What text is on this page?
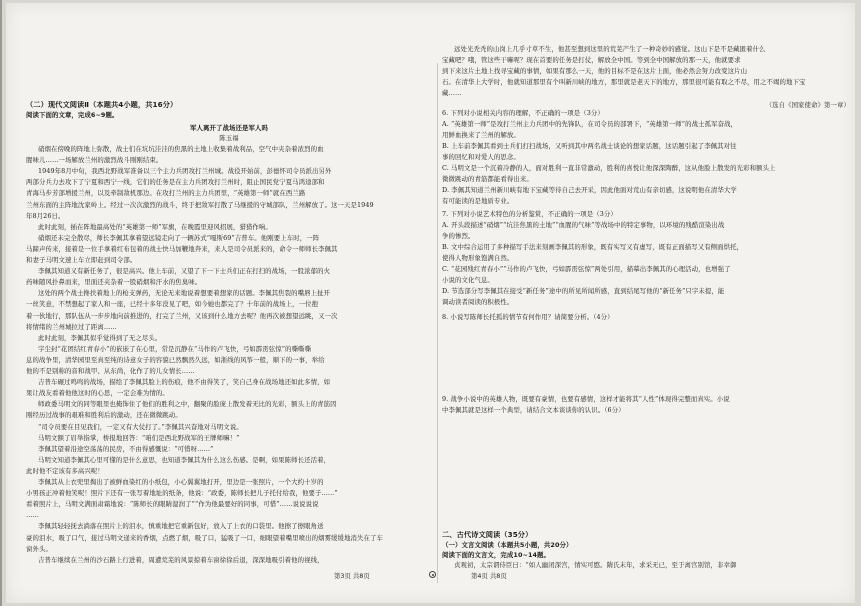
（二）现代文阅读Ⅱ（本题共4小题，共16分）
阅读下面的文章，完成6~9题。
军人离开了战场还是军人吗
陈玉福
硝烟在傍晚的阵地上弥散，战士们在坑坑洼洼的焦黑的土地上收集着战利品，空气中夹杂着浓烈的血
腥味儿……一场解放兰州的激烈战斗刚刚结束。
1949年8月中旬，我西北野战军准备以三个主力兵团攻打兰州城。战役开始前，彭德怀司令员派出另外
两部分兵力去攻下了宁夏和西宁一线，它们的任务是在主力兵团攻打兰州时，阻止国民党宁夏马鸿逵部和
青海马步芳部增援兰州，以及牵制敌机那边。在攻打兰州的主力兵团里，“英雄第一师”就在西兰路
兰州东面的主阵地沈家岭上。经过一次次激烈的战斗，终于把敌军打散了马继援的守城部队，兰州解放了。这一天是1949
年8月26日。
此时此刻，插在阵地最高处的“英雄第一师”军旗，在晚霞里迎风招展，猎猎作响。
硝烟还未完全散尽，师长李佩其拿着望远镜走向了一辆苏式“嘎斯69”吉普车。他刚要上车时，一阵
马蹄声传来，接着是一位手拿着红布包着的战士快马加鞭地奔来，来人是司令员派来的，命令一师师长李佩其
和妻子马明文速上车立即赶到司令部。
李佩其知道又有新任务了，很是高兴。他上车前，又望了下一下士兵们正在打扫的战场，一股浓郁的火
药味随风扑鼻而来，里面还夹杂着一股硝烟和汗水的焦臭味。
这处的两个战士搀扶着地上的枪支弹药，无论无来地说着想要着想家的话题。李佩其焦裂的嘴唇上扯开
一丝笑意，不禁想起了家人和一座，已经十多年没见了吧，如今她也都完了？十年前的战场上，一位抱
着一伙地行，那队伍从一步步地向前推进的，打完了兰州，又该到什么地方去呢？他再次被想望远眺，又一次
将情绪的兰州城拉过了距离……
此时此刻，李佩其似乎觉得到了无之尽头。
字尘封“花团结红青春小”的嵌嵌了在心里，常是沉静在“马作的卢飞快，弓如霹雳弦惊”的嘶嘶嘶
息的战争里，清华园里至真至纯的诗意女子的容貌已然飘然久远，如浙线的风筝一般，顺下的一事，举给
他的不是别称的音和战甲、从东尚，化作了的儿女情长……
吉普车碾过鸣鸣的战场，描绘了李佩其脸上的伤痕，他不由得笑了，笑自己身在战场地还如此多情，如
果让战友看着他他这时的心思，一定会难为情的。
师政委马明文的同等眼里也掩饰住了他们的胜利之中，翻聚的脸庞上散发着无比的光彩，额头上的青筋因
刚经历过战事的艰难和胜利后的激动，还在微微跳动。
“司令员要在目见我们，一定又有大仗打了。”李佩其兴奋地对马明文说。
马明文额了眉举指掌，桥报地回答：“咱们是西北野战军的王牌师嘛！”
李佩其望着沿途空荡荡的民房，不由得感慨说：“可惜呀……”
马明文知道李佩其心里可懂的是什么意思，也知道李佩其为什么这么伤感。是啊，如果陈师长还活着，
此时他不定该有多高兴呢！
李佩其从上衣兜里掏出了被鲜血染红的小纸包，小心翼翼地打开，里边是一张照片，一个大约十岁的
小男孩正冲着他笑呢！照片下还有一张写着地址的纸条，他说：“政委，陈师长把儿子托付给我，他要子……”
看着照片上，马明文满面肃霜地说：“陈师长的眼睛湿润了”“作为他最要好的同事，可惜”……说说说说
……
李佩其轻轻抚去淌落在照片上的泪水，慎重地把它重新包好，放入了上衣的口袋里。他擦了擦眼角送
豪的泪水，吸了口气，接过马明文递来的香烟，点燃了烟，吸了口，猛吸了一口，细眼望着嘴里喷出的烟雾缓缓地消失在了车
窗外头。
吉普车继续在兰州的沙石路上行进着，周遭荒芜的风景掠着车窗徐徐后退，深深地吸引着他的视线，
第3页 共8页
远处光秃秃的山岗上几乎寸草不生，他甚至想到这里的荒芜产生了一种奇妙的感觉。这山下是不是藏匿着什么
宝藏吧？哦，管这些干嘛呢？现在首要的任务是打仗，解放全中国。等到全中国解放的那一天，他就要求
到下来这片土地上找寻宝藏的事情，如果有那么一天，他的目标不是在这片上面，他必然会努力改变这片山
石。在清华上大学时，他就知道那里有个叫新川峡的地方，那里就是老天下的地方，那里很可能有取之不尽，用之不竭的地下宝
藏……
（选自《国家使命》第一章）
6. 下列对小说相关内容的理解，不正确的一项是（3分）
A. “英雄第一师”是攻打兰州主力兵团中的先锋队，在司令员的部署下，“英雄第一师”的战士孤军奋战，
用鲜血换来了兰州的解放。
B. 上车前李佩其看到士兵们打扫战场，又听到其中两名战士谈论的想家话题，这话题引起了李佩其对往
事的回忆和对爱人的思念。
C. 马明文是一个沉着冷静的人，面对胜利一直非常激动，胜利的喜悦让他深深陶醉，这从他脸上散发的光彩和额头上
微微跳动的青筋都能看得出来。
D. 李佩其知道兰州新川峡有地下宝藏等待自己去开采，因此他面对荒山有亲切感，这说明他在清华大学
有可能读的是地质专业。
7. 下列对小说艺术特色的分析鉴赏，不正确的一项是（3分）
A. 开头段描述“硝烟”“坑洼焦黑的土地”“血腥的气味”等战场中的特定事物，以环境的残酷渲染出战
争的惨烈。
B. 文中综合运用了多种描写手法来刻画李佩其的形象，既有实写又有虚写，既有正面描写又有侧面烘托，
使得人物形象饱满自然。
C. “花园残红青春小”“马作的卢飞快，弓如霹雳弦惊”两处引用，描摹出李佩其的心理活动，也增强了
小说的文化气息。
D. 节选部分写李佩其在接受“新任务”途中的所见所闻所感，直到结尾写他的“新任务”只字未提，能
调动读者阅读的积极性。
8. 小说写陈师长托孤的情节有何作用？请简要分析。（4分）
9. 战争小说中的英雄人物，既要有豪情，也要有感情，这样才能将其“人性”体现得完整而真实。小说
中李佩其就是这样一个典型，请结合文本谈谈你的认识。（6分）
二、古代诗文阅读（35分）
（一）文言文阅读（本题共5小题，共20分）
阅读下面的文言文，完成10~14题。
贞观初，太宗谓侍臣曰：“如人幽闭深宫，情实可愍。隋氏末年，求采无已，至于离宫别馆，非幸御
第4页 共8页
